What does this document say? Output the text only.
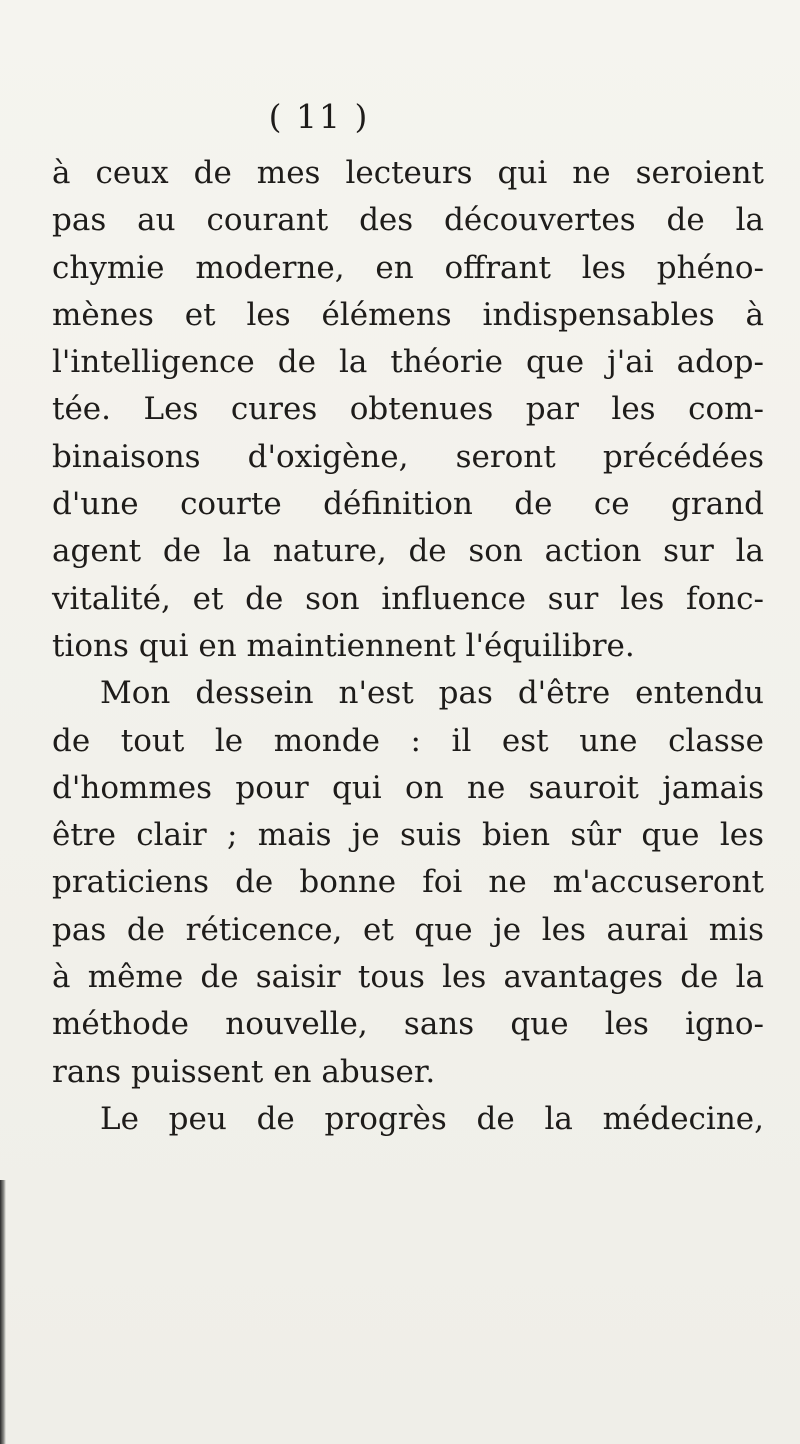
( 11 )
à ceux de mes lecteurs qui ne seroient
pas au courant des découvertes de la
chymie moderne, en offrant les phéno-
mènes et les élémens indispensables à
l'intelligence de la théorie que j'ai adop-
tée. Les cures obtenues par les com-
binaisons d'oxigène, seront précédées
d'une courte définition de ce grand
agent de la nature, de son action sur la
vitalité, et de son influence sur les fonc-
tions qui en maintiennent l'équilibre.
Mon dessein n'est pas d'être entendu
de tout le monde : il est une classe
d'hommes pour qui on ne sauroit jamais
être clair ; mais je suis bien sûr que les
praticiens de bonne foi ne m'accuseront
pas de réticence, et que je les aurai mis
à même de saisir tous les avantages de la
méthode nouvelle, sans que les igno-
rans puissent en abuser.
Le peu de progrès de la médecine,
